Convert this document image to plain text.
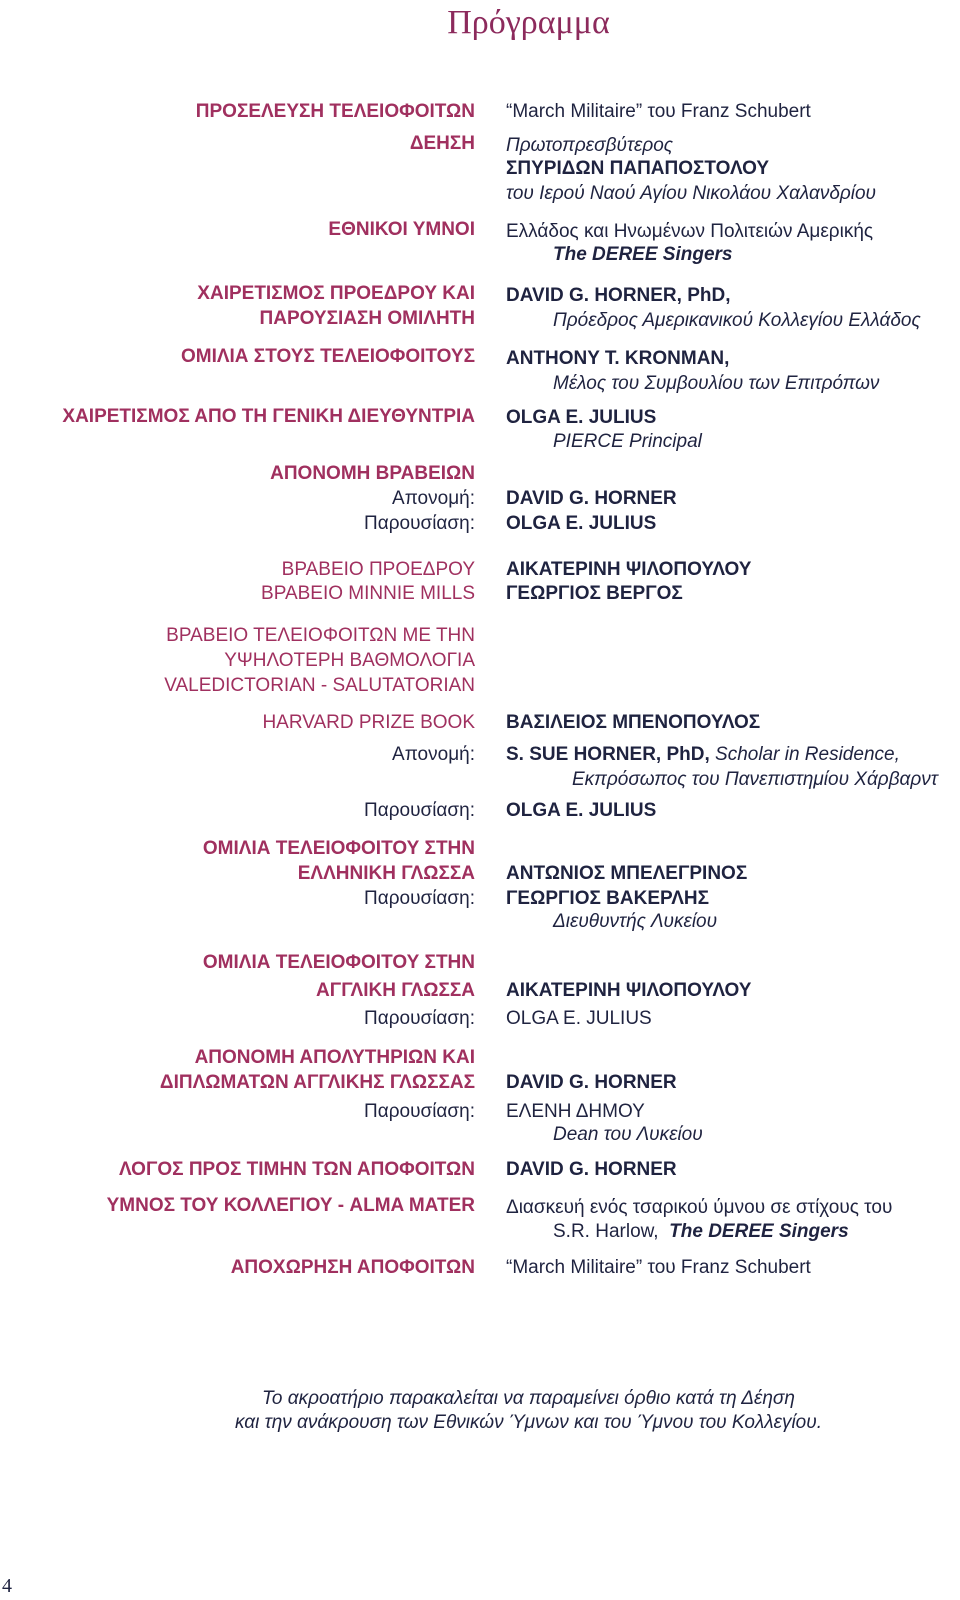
Πρόγραμμα
ΠΡΟΣΕΛΕΥΣΗ ΤΕΛΕΙΟΦΟΙΤΩΝ
ΔΕΗΣΗ
ΕΘΝΙΚΟΙ ΥΜΝΟΙ
ΧΑΙΡΕΤΙΣΜΟΣ ΠΡΟΕΔΡΟΥ ΚΑΙ
ΠΑΡΟΥΣΙΑΣΗ ΟΜΙΛΗΤΗ
ΟΜΙΛΙΑ ΣΤΟΥΣ ΤΕΛΕΙΟΦΟΙΤΟΥΣ
ΧΑΙΡΕΤΙΣΜΟΣ ΑΠΟ ΤΗ ΓΕΝΙΚΗ ΔΙΕΥΘΥΝΤΡΙΑ
ΑΠΟΝΟΜΗ ΒΡΑΒΕΙΩΝ
Απονομή:
Παρουσίαση:
ΒΡΑΒΕΙΟ ΠΡΟΕΔΡΟΥ
ΒΡΑΒΕΙΟ MINNIE MILLS
ΒΡΑΒΕΙΟ ΤΕΛΕΙΟΦΟΙΤΩΝ ΜΕ ΤΗΝ
ΥΨΗΛΟΤΕΡΗ ΒΑΘΜΟΛΟΓΙΑ
VALEDICTORIAN - SALUTATORIAN
HARVARD PRIZE BOOK
Απονομή:
Παρουσίαση:
ΟΜΙΛΙΑ ΤΕΛΕΙΟΦΟΙΤΟΥ ΣΤΗΝ
ΕΛΛΗΝΙΚΗ ΓΛΩΣΣΑ
Παρουσίαση:
ΟΜΙΛΙΑ ΤΕΛΕΙΟΦΟΙΤΟΥ ΣΤΗΝ
ΑΓΓΛΙΚΗ ΓΛΩΣΣΑ
Παρουσίαση:
ΑΠΟΝΟΜΗ ΑΠΟΛΥΤΗΡΙΩΝ ΚΑΙ
ΔΙΠΛΩΜΑΤΩΝ ΑΓΓΛΙΚΗΣ ΓΛΩΣΣΑΣ
Παρουσίαση:
ΛΟΓΟΣ ΠΡΟΣ ΤΙΜΗΝ ΤΩΝ ΑΠΟΦΟΙΤΩΝ
ΥΜΝΟΣ ΤΟΥ ΚΟΛΛΕΓΙΟΥ - ALMA MATER
ΑΠΟΧΩΡΗΣΗ ΑΠΟΦΟΙΤΩΝ
“March Militaire” του Franz Schubert
Πρωτοπρεσβύτερος
ΣΠΥΡΙΔΩΝ ΠΑΠΑΠΟΣΤΟΛΟΥ
του Ιερού Ναού Αγίου Νικολάου Χαλανδρίου
Ελλάδος και Ηνωμένων Πολιτειών Αμερικής
The DEREE Singers
DAVID G. HORNER, PhD,
Πρόεδρος Αμερικανικού Κολλεγίου Ελλάδος
ANTHONY T. KRONMAN,
Μέλος του Συμβουλίου των Επιτρόπων
OLGA E. JULIUS
PIERCE Principal
DAVID G. HORNER
OLGA E. JULIUS
ΑΙΚΑΤΕΡΙΝΗ ΨΙΛΟΠΟΥΛΟΥ
ΓΕΩΡΓΙΟΣ ΒΕΡΓΟΣ
ΒΑΣΙΛΕΙΟΣ ΜΠΕΝΟΠΟΥΛΟΣ
S. SUE HORNER, PhD, Scholar in Residence,
Εκπρόσωπος του Πανεπιστημίου Χάρβαρντ
OLGA E. JULIUS
ΑΝΤΩΝΙΟΣ ΜΠΕΛΕΓΡΙΝΟΣ
ΓΕΩΡΓΙΟΣ ΒΑΚΕΡΛΗΣ
Διευθυντής Λυκείου
ΑΙΚΑΤΕΡΙΝΗ ΨΙΛΟΠΟΥΛΟΥ
OLGA E. JULIUS
DAVID G. HORNER
ΕΛΕΝΗ ΔΗΜΟΥ
Dean του Λυκείου
DAVID G. HORNER
Διασκευή ενός τσαρικού ύμνου σε στίχους του
S.R. Harlow, The DEREE Singers
“March Militaire” του Franz Schubert
Το ακροατήριο παρακαλείται να παραμείνει όρθιο κατά τη Δέηση
και την ανάκρουση των Εθνικών Ύμνων και του Ύμνου του Κολλεγίου.
4
